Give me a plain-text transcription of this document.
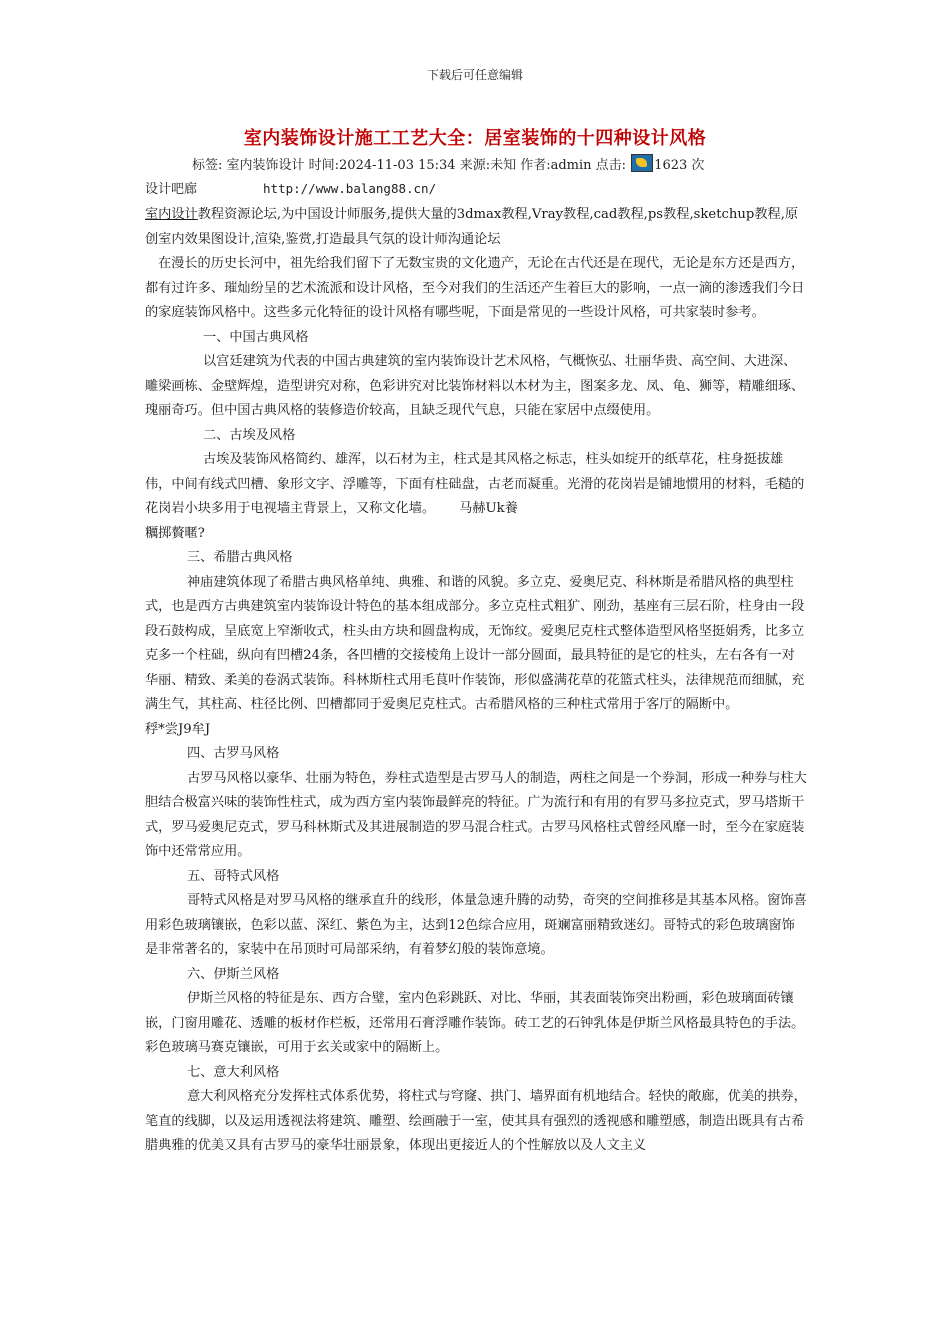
下载后可任意编辑
室内装饰设计施工工艺大全：居室装饰的十四种设计风格
标签: 室内装饰设计 时间:2024-11-03 15:34 来源:未知 作者:admin 点击: 1623 次
设计吧廊	http://www.balang88.cn/

室内设计教程资源论坛,为中国设计师服务,提供大量的3dmax教程,Vray教程,cad教程,ps教程,sketchup教程,原创室内效果图设计,渲染,鉴赏,打造最具气氛的设计师沟通论坛

在漫长的历史长河中，祖先给我们留下了无数宝贵的文化遗产，无论在古代还是在现代，无论是东方还是西方，都有过许多、璀灿纷呈的艺术流派和设计风格，至今对我们的生活还产生着巨大的影响，一点一滴的渗透我们今日的家庭装饰风格中。这些多元化特征的设计风格有哪些呢，下面是常见的一些设计风格，可共家装时参考。

一、中国古典风格

以宫廷建筑为代表的中国古典建筑的室内装饰设计艺术风格，气概恢弘、壮丽华贵、高空间、大进深、雕梁画栋、金壁辉煌，造型讲究对称，色彩讲究对比装饰材料以木材为主，图案多龙、凤、龟、狮等，精雕细琢、瑰丽奇巧。但中国古典风格的装修造价较高，且缺乏现代气息，只能在家居中点缀使用。

二、古埃及风格

古埃及装饰风格简约、雄浑，以石材为主，柱式是其风格之标志，柱头如绽开的纸草花，柱身挺拔雄伟，中间有线式凹槽、象形文字、浮雕等，下面有柱础盘，古老而凝重。光滑的花岗岩是铺地惯用的材料，毛糙的花岗岩小块多用于电视墙主背景上，又称文化墙。 马赫Uk養

糲掷贅暱?

三、希腊古典风格

神庙建筑体现了希腊古典风格单纯、典雅、和谐的风貌。多立克、爱奥尼克、科林斯是希腊风格的典型柱式，也是西方古典建筑室内装饰设计特色的基本组成部分。多立克柱式粗犷、刚劲，基座有三层石阶，柱身由一段段石鼓构成，呈底宽上窄渐收式，柱头由方块和圆盘构成，无饰纹。爱奥尼克柱式整体造型风格坚挺娟秀，比多立克多一个柱础，纵向有凹槽24条，各凹槽的交接棱角上设计一部分圆面，最具特征的是它的柱头，左右各有一对华丽、精致、柔美的卷涡式装饰。科林斯柱式用毛茛叶作装饰，形似盛满花草的花篮式柱头，法律规范而细腻，充满生气，其柱高、柱径比例、凹槽都同于爱奥尼克柱式。古希腊风格的三种柱式常用于客厅的隔断中。

稃*尝J9牟J

四、古罗马风格

古罗马风格以豪华、壮丽为特色，券柱式造型是古罗马人的制造，两柱之间是一个券洞，形成一种券与柱大胆结合极富兴味的装饰性柱式，成为西方室内装饰最鲜亮的特征。广为流行和有用的有罗马多拉克式，罗马塔斯干式，罗马爱奥尼克式，罗马科林斯式及其进展制造的罗马混合柱式。古罗马风格柱式曾经风靡一时，至今在家庭装饰中还常常应用。

五、哥特式风格

哥特式风格是对罗马风格的继承直升的线形，体量急速升腾的动势，奇突的空间推移是其基本风格。窗饰喜用彩色玻璃镶嵌，色彩以蓝、深红、紫色为主，达到12色综合应用，斑斓富丽精致迷幻。哥特式的彩色玻璃窗饰是非常著名的，家装中在吊顶时可局部采纳，有着梦幻般的装饰意境。

六、伊斯兰风格

伊斯兰风格的特征是东、西方合璧，室内色彩跳跃、对比、华丽，其表面装饰突出粉画，彩色玻璃面砖镶嵌，门窗用雕花、透雕的板材作栏板，还常用石膏浮雕作装饰。砖工艺的石钟乳体是伊斯兰风格最具特色的手法。彩色玻璃马赛克镶嵌，可用于玄关或家中的隔断上。

七、意大利风格

意大利风格充分发挥柱式体系优势，将柱式与穹窿、拱门、墙界面有机地结合。轻快的敞廊，优美的拱券，笔直的线脚，以及运用透视法将建筑、雕塑、绘画融于一室，使其具有强烈的透视感和雕塑感，制造出既具有古希腊典雅的优美又具有古罗马的豪华壮丽景象，体现出更接近人的个性解放以及人文主义
